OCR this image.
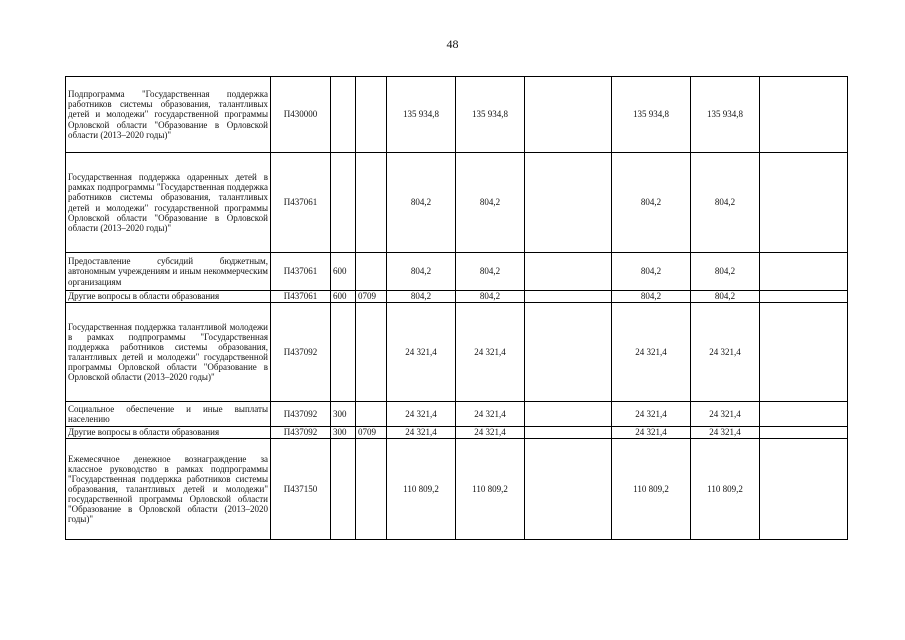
48
Подпрограмма "Государственная поддержка работников системы образования, талантливых детей и молодежи" государственной программы Орловской области "Образование в Орловской области (2013–2020 годы)"	П430000			135 934,8	135 934,8		135 934,8	135 934,8	
Государственная поддержка одаренных детей в рамках подпрограммы "Государственная поддержка работников системы образования, талантливых детей и молодежи" государственной программы Орловской области "Образование в Орловской области (2013–2020 годы)"	П437061			804,2	804,2		804,2	804,2	
Предоставление субсидий бюджетным, автономным учреждениям и иным некоммерческим организациям	П437061	600		804,2	804,2		804,2	804,2	
Другие вопросы в области образования	П437061	600	0709	804,2	804,2		804,2	804,2	
Государственная поддержка талантливой молодежи в рамках подпрограммы "Государственная поддержка работников системы образования, талантливых детей и молодежи" государственной программы Орловской области "Образование в Орловской области (2013–2020 годы)"	П437092			24 321,4	24 321,4		24 321,4	24 321,4	
Социальное обеспечение и иные выплаты населению	П437092	300		24 321,4	24 321,4		24 321,4	24 321,4	
Другие вопросы в области образования	П437092	300	0709	24 321,4	24 321,4		24 321,4	24 321,4	
Ежемесячное денежное вознаграждение за классное руководство в рамках подпрограммы "Государственная поддержка работников системы образования, талантливых детей и молодежи" государственной программы Орловской области "Образование в Орловской области (2013–2020 годы)"	П437150			110 809,2	110 809,2		110 809,2	110 809,2	
